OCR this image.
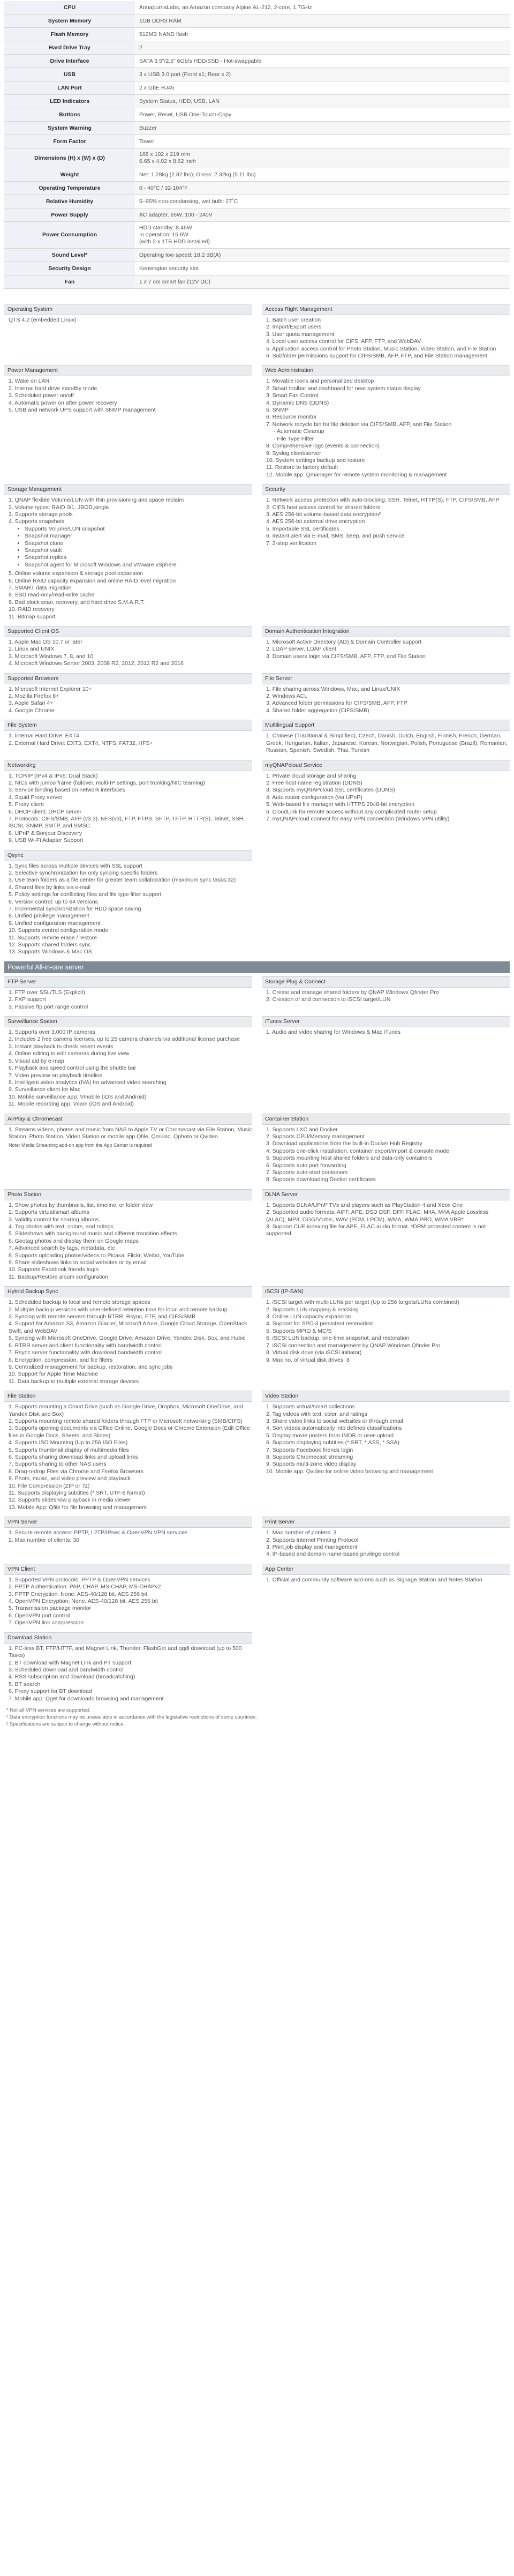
CPU	AnnapurnaLabs, an Amazon company Alpine AL-212, 2-core, 1.7GHz
System Memory	1GB DDR3 RAM
Flash Memory	512MB NAND flash
Hard Drive Tray	2
Drive Interface	SATA 3.5"/2.5" 6Gb/s HDD/SSD - Hot-swappable
USB	3 x USB 3.0 port (Front x1; Rear x 2)
LAN Port	2 x GbE RJ45
LED Indicators	System Status, HDD, USB, LAN
Buttons	Power, Reset, USB One-Touch-Copy
System Warning	Buzzer
Form Factor	Tower
Dimensions (H) x (W) x (D)	168 x 102 x 219 mm
6.65 x 4.02 x 8.62 inch
Weight	Net: 1.28kg (2.82 lbs); Gross: 2.32kg (5.11 lbs)
Operating Temperature	0 - 40°C / 32-104°F
Relative Humidity	5~95% non-condensing, wet bulb: 27˚C
Power Supply	AC adapter, 65W, 100 - 240V
Power Consumption	HDD standby: 8.46W
In operation: 15.6W
(with 2 x 1TB HDD installed)
Sound Level*	Operating low speed: 18.2 dB(A)
Security Design	Kensington security slot
Fan	1 x 7 cm smart fan (12V DC)
Operating System

QTS 4.2 (embedded Linux)

Access Right Management
1. Batch user creation
2. Import/Export users
3. User quota management
4. Local user access control for CIFS, AFP, FTP, and WebDAV
5. Application access control for Photo Station, Music Station, Video Station, and File Station
6. Subfolder permissions support for CIFS/SMB, AFP, FTP, and File Station management
Power Management
1. Wake on LAN
2. Internal hard drive standby mode
3. Scheduled power on/off
4. Automatic power on after power recovery
5. USB and network UPS support with SNMP management
Web Administration
1. Movable icons and personalized desktop
2. Smart toolbar and dashboard for neat system status display
3. Smart Fan Control
4. Dynamic DNS (DDNS)
5. SNMP
6. Resource monitor
7. Network recycle bin for file deletion via CIFS/SMB, AFP, and File Station
- Automatic Cleanup
- File Type Filter
8. Comprehensive logs (events & connection)
9. Syslog client/server
10. System settings backup and restore
11. Restore to factory default
12. Mobile app: Qmanager for remote system monitoring & management
Storage Management
1. QNAP flexible Volume/LUN with thin provisioning and space reclaim
2. Volume types: RAID 0/1, JBOD,single
3. Supports storage pools
4. Supports snapshots
• Supports Volume/LUN snapshot
• Snapshot manager
• Snapshot clone
• Snapshot vault
• Snapshot replica
• Snapshot agent for Microsoft Windows and VMware vSphere
5. Online volume expansion & storage pool expansion
6. Online RAID capacity expansion and online RAID level migration
7. SMART data migration
8. SSD read-only/read-write cache
9. Bad block scan, recovery, and hard drive S.M.A.R.T.
10. RAID recovery
11. Bitmap support
Security
1. Network access protection with auto-blocking: SSH, Telnet, HTTP(S), FTP, CIFS/SMB, AFP
2. CIFS host access control for shared folders
3. AES 256-bit volume-based data encryption²
4. AES 256-bit external drive encryption
5. Importable SSL certificates
6. Instant alert via E-mail, SMS, beep, and push service
7. 2-step verification
Supported Client OS
1. Apple Mac OS 10.7 or later
2. Linux and UNIX
3. Microsoft Windows 7, 8, and 10
4. Microsoft Windows Server 2003, 2008 R2, 2012, 2012 R2 and 2016
Domain Authentication Integration
1. Microsoft Active Directory (AD) & Domain Controller support
2. LDAP server, LDAP client
3. Domain users login via CIFS/SMB, AFP, FTP, and File Station
Supported Browsers
1. Microsoft Internet Explorer 10+
2. Mozilla Firefox 8+
3. Apple Safari 4+
4. Google Chrome
File Server
1. File sharing across Windows, Mac, and Linux/UNIX
2. Windows ACL
3. Advanced folder permissions for CIFS/SMB, AFP, FTP
4. Shared folder aggregation (CIFS/SMB)
File System
1. Internal Hard Drive: EXT4
2. External Hard Drive: EXT3, EXT4, NTFS, FAT32, HFS+
Multilingual Support
1. Chinese (Traditional & Simplified), Czech, Danish, Dutch, English, Finnish, French, German, Greek, Hungarian, Italian, Japanese, Korean, Norwegian, Polish, Portuguese (Brazil), Romanian, Russian, Spanish, Swedish, Thai, Turkish
Networking
1. TCP/IP (IPv4 & IPv6: Dual Stack)
2. NICs with jumbo frame (failover, multi-IP settings, port trunking/NIC teaming)
3. Service binding based on network interfaces
4. Squid Proxy server
5. Proxy client
6. DHCP client, DHCP server
7. Protocols: CIFS/SMB, AFP (v3.3), NFS(v3), FTP, FTPS, SFTP, TFTP, HTTP(S), Telnet, SSH, iSCSI, SNMP, SMTP, and SMSC
8. UPnP & Bonjour Discovery
9. USB Wi-Fi Adapter Support
myQNAPcloud Service
1. Private cloud storage and sharing
2. Free host name registration (DDNS)
3. Supports myQNAPcloud SSL certificates (DDNS)
4. Auto router configuration (via UPnP)
5. Web-based file manager with HTTPS 2048-bit encryption
6. CloudLink for remote access without any complicated router setup
7. myQNAPcloud connect for easy VPN connection (Windows VPN utility)
Qsync
1. Sync files across multiple devices with SSL support
2. Selective synchronization for only syncing specific folders
3. Use team folders as a file center for greater team collaboration (maximum sync tasks:32)
4. Shared files by links via e-mail
5. Policy settings for conflicting files and file type filter support
6. Version control: up to 64 versions
7. Incremental synchronization for HDD space saving
8. Unified privilege management
9. Unified configuration management
10. Supports central configuration mode
11. Supports remote erase / restore
12. Supports shared folders sync
13. Supports Windows & Mac OS
Powerful All-in-one server
FTP Server
1. FTP over SSL/TLS (Explicit)
2. FXP support
3. Passive ftp port range control
Storage Plug & Connect
1. Create and manage shared folders by QNAP Windows Qfinder Pro
2. Creation of and connection to iSCSI target/LUN
Surveillance Station
1. Supports over 3,000 IP cameras
2. Includes 2 free camera licenses, up to 25 camera channels via additional license purchase
3. Instant playback to check recent events
4. Online editing to edit cameras during live view
5. Visual aid by e-map
6. Playback and speed control using the shuttle bar
7. Video preview on playback timeline
8. Intelligent video analytics (IVA) for advanced video searching
9. Surveillance client for Mac
10. Mobile surveillance app: Vmobile (iOS and Android)
11. Mobile recording app: Vcam (iOS and Android)
iTunes Server
1. Audio and video sharing for Windows & Mac iTunes
AirPlay & Chromecast
1. Streams videos, photos and music from NAS to Apple TV or Chromecast via File Station, Music Station, Photo Station, Video Station or mobile app Qfile, Qmusic, Qphoto or Qvideo.

Note: Media Streaming add-on app from the App Center is required

Container Station
1. Supports LXC and Docker
2. Supports CPU/Memory management
3. Download applications from the built-in Docker Hub Registry
4. Supports one-click installation, container export/import & console mode
5. Supports mounting host shared folders and data-only containers
6. Supports auto port forwarding
7. Supports auto-start containers
8. Supports downloading Docker certificates
Photo Station
1. Show photos by thumbnails, list, timeline, or folder view
2. Supports virtual/smart albums
3. Validity control for sharing albums
4. Tag photos with text, colors, and ratings
5. Slideshows with background music and different transition effects
6. Geotag photos and display them on Google maps
7. Advanced search by tags, metadata, etc
8. Supports uploading photos/videos to Picasa, Flickr, Weibo, YouTube
9. Share slideshows links to social websites or by email
10. Supports Facebook friends login
11. Backup/Restore album configuration
DLNA Server
1. Supports DLNA/UPnP TVs and players such as PlayStation 4 and Xbox One
2. Supported audio formats: AIFF, APE, DSD DSF, DFF, FLAC, M4A, M4A Apple Lossless (ALAC), MP3, OGG/Vorbis, WAV (PCM, LPCM), WMA, WMA PRO, WMA VBR*
3. Support CUE indexing file for APE, FLAC audio format. *DRM protected content is not supported.
Hybrid Backup Sync
1. Scheduled backup to local and remote storage spaces
2. Multiple backup versions with user-defined retention time for local and remote backup
3. Syncing with remote servers through RTRR, Rsync, FTP, and CIFS/SMB
4. Support for Amazon S3, Amazon Glacier, Microsoft Azure, Google Cloud Storage, OpenStack Swift, and WebDAV
5. Syncing with Microsoft OneDrive, Google Drive, Amazon Drive, Yandex Disk, Box, and Hubic
6. RTRR server and client functionality with bandwidth control
7. Rsync server functionality with download bandwidth control
8. Encryption, compression, and file filters
9. Centralized management for backup, restoration, and sync jobs
10. Support for Apple Time Machine
11. Data backup to multiple external storage devices
iSCSI (IP-SAN)
1. iSCSI target with multi-LUNs per target (Up to 256 targets/LUNs combined)
2. Supports LUN mapping & masking
3. Online LUN capacity expansion
4. Support for SPC-3 persistent reservation
5. Supports MPIO & MC/S
6. iSCSI LUN backup, one-time snapshot, and restoration
7. iSCSI connection and management by QNAP Windows Qfinder Pro
8. Virtual disk drive (via iSCSI initiator)
9. Max no. of virtual disk drives: 8
File Station
1. Supports mounting a Cloud Drive (such as Google Drive, Dropbox, Microsoft OneDrive, and Yandex Disk and Box)
2. Supports mounting remote shared folders through FTP or Microsoft networking (SMB/CIFS)
3. Supports opening documents via Office Online, Google Docs or Chrome Extension (Edit Office files in Google Docs, Sheets, and Slides)
4. Supports ISO Mounting (Up to 256 ISO Files)
5. Supports thumbnail display of multimedia files
6. Supports sharing download links and upload links
7. Supports sharing to other NAS users
8. Drag-n-drop Files via Chrome and Firefox Browsers
9. Photo, music, and video preview and playback
10. File Compression (ZIP or 7z)
11. Supports displaying subtitles (*.SRT, UTF-8 format)
12. Supports slideshow playback in media viewer
13. Mobile App: Qfile for file browsing and management
Video Station
1. Supports virtual/smart collections
2. Tag videos with text, color, and ratings
3. Share video links to social websites or through email
4. Sort videos automatically into defined classifications
5. Display movie posters from IMDB or user-upload
6. Supports displaying subtitles (*.SRT, *.ASS, *.SSA)
7. Supports Facebook friends login
8. Supports Chromecast streaming
9. Supports multi-zone video display
10. Mobile app: Qvideo for online video browsing and management
VPN Server
1. Secure remote access: PPTP, L2TP/IPsec & OpenVPN VPN services
2. Max number of clients: 30
Print Server
1. Max number of printers: 3
2. Supports Internet Printing Protocol
3. Print job display and management
4. IP-based and domain name-based privilege control
VPN Client
1. Supported VPN protocols: PPTP & OpenVPN services
2. PPTP Authentication: PAP, CHAP, MS-CHAP, MS-CHAPv2
3. PPTP Encryption: None, AES-40/128 bit, AES 256 bit
4. OpenVPN Encryption: None, AES-40/128 bit, AES 256 bit
5. Transmission package monitor
6. OpenVPN port control
7. OpenVPN link compression
App Center
1. Official and community software add-ons such as Signage Station and Notes Station
Download Station
1. PC-less BT, FTP/HTTP, and Magnet Link, Thunder, FlashGet and qqdl download (up to 500 Tasks)
2. BT download with Magnet Link and PT support
3. Scheduled download and bandwidth control
4. RSS subscription and download (broadcatching)
5. BT search
6. Proxy support for BT download
7. Mobile app: Qget for downloads browsing and management
* Not all VPN services are supported.
¹ Data encryption functions may be unavailable in accordance with the legislative restrictions of some countries.
² Specifications are subject to change without notice.
